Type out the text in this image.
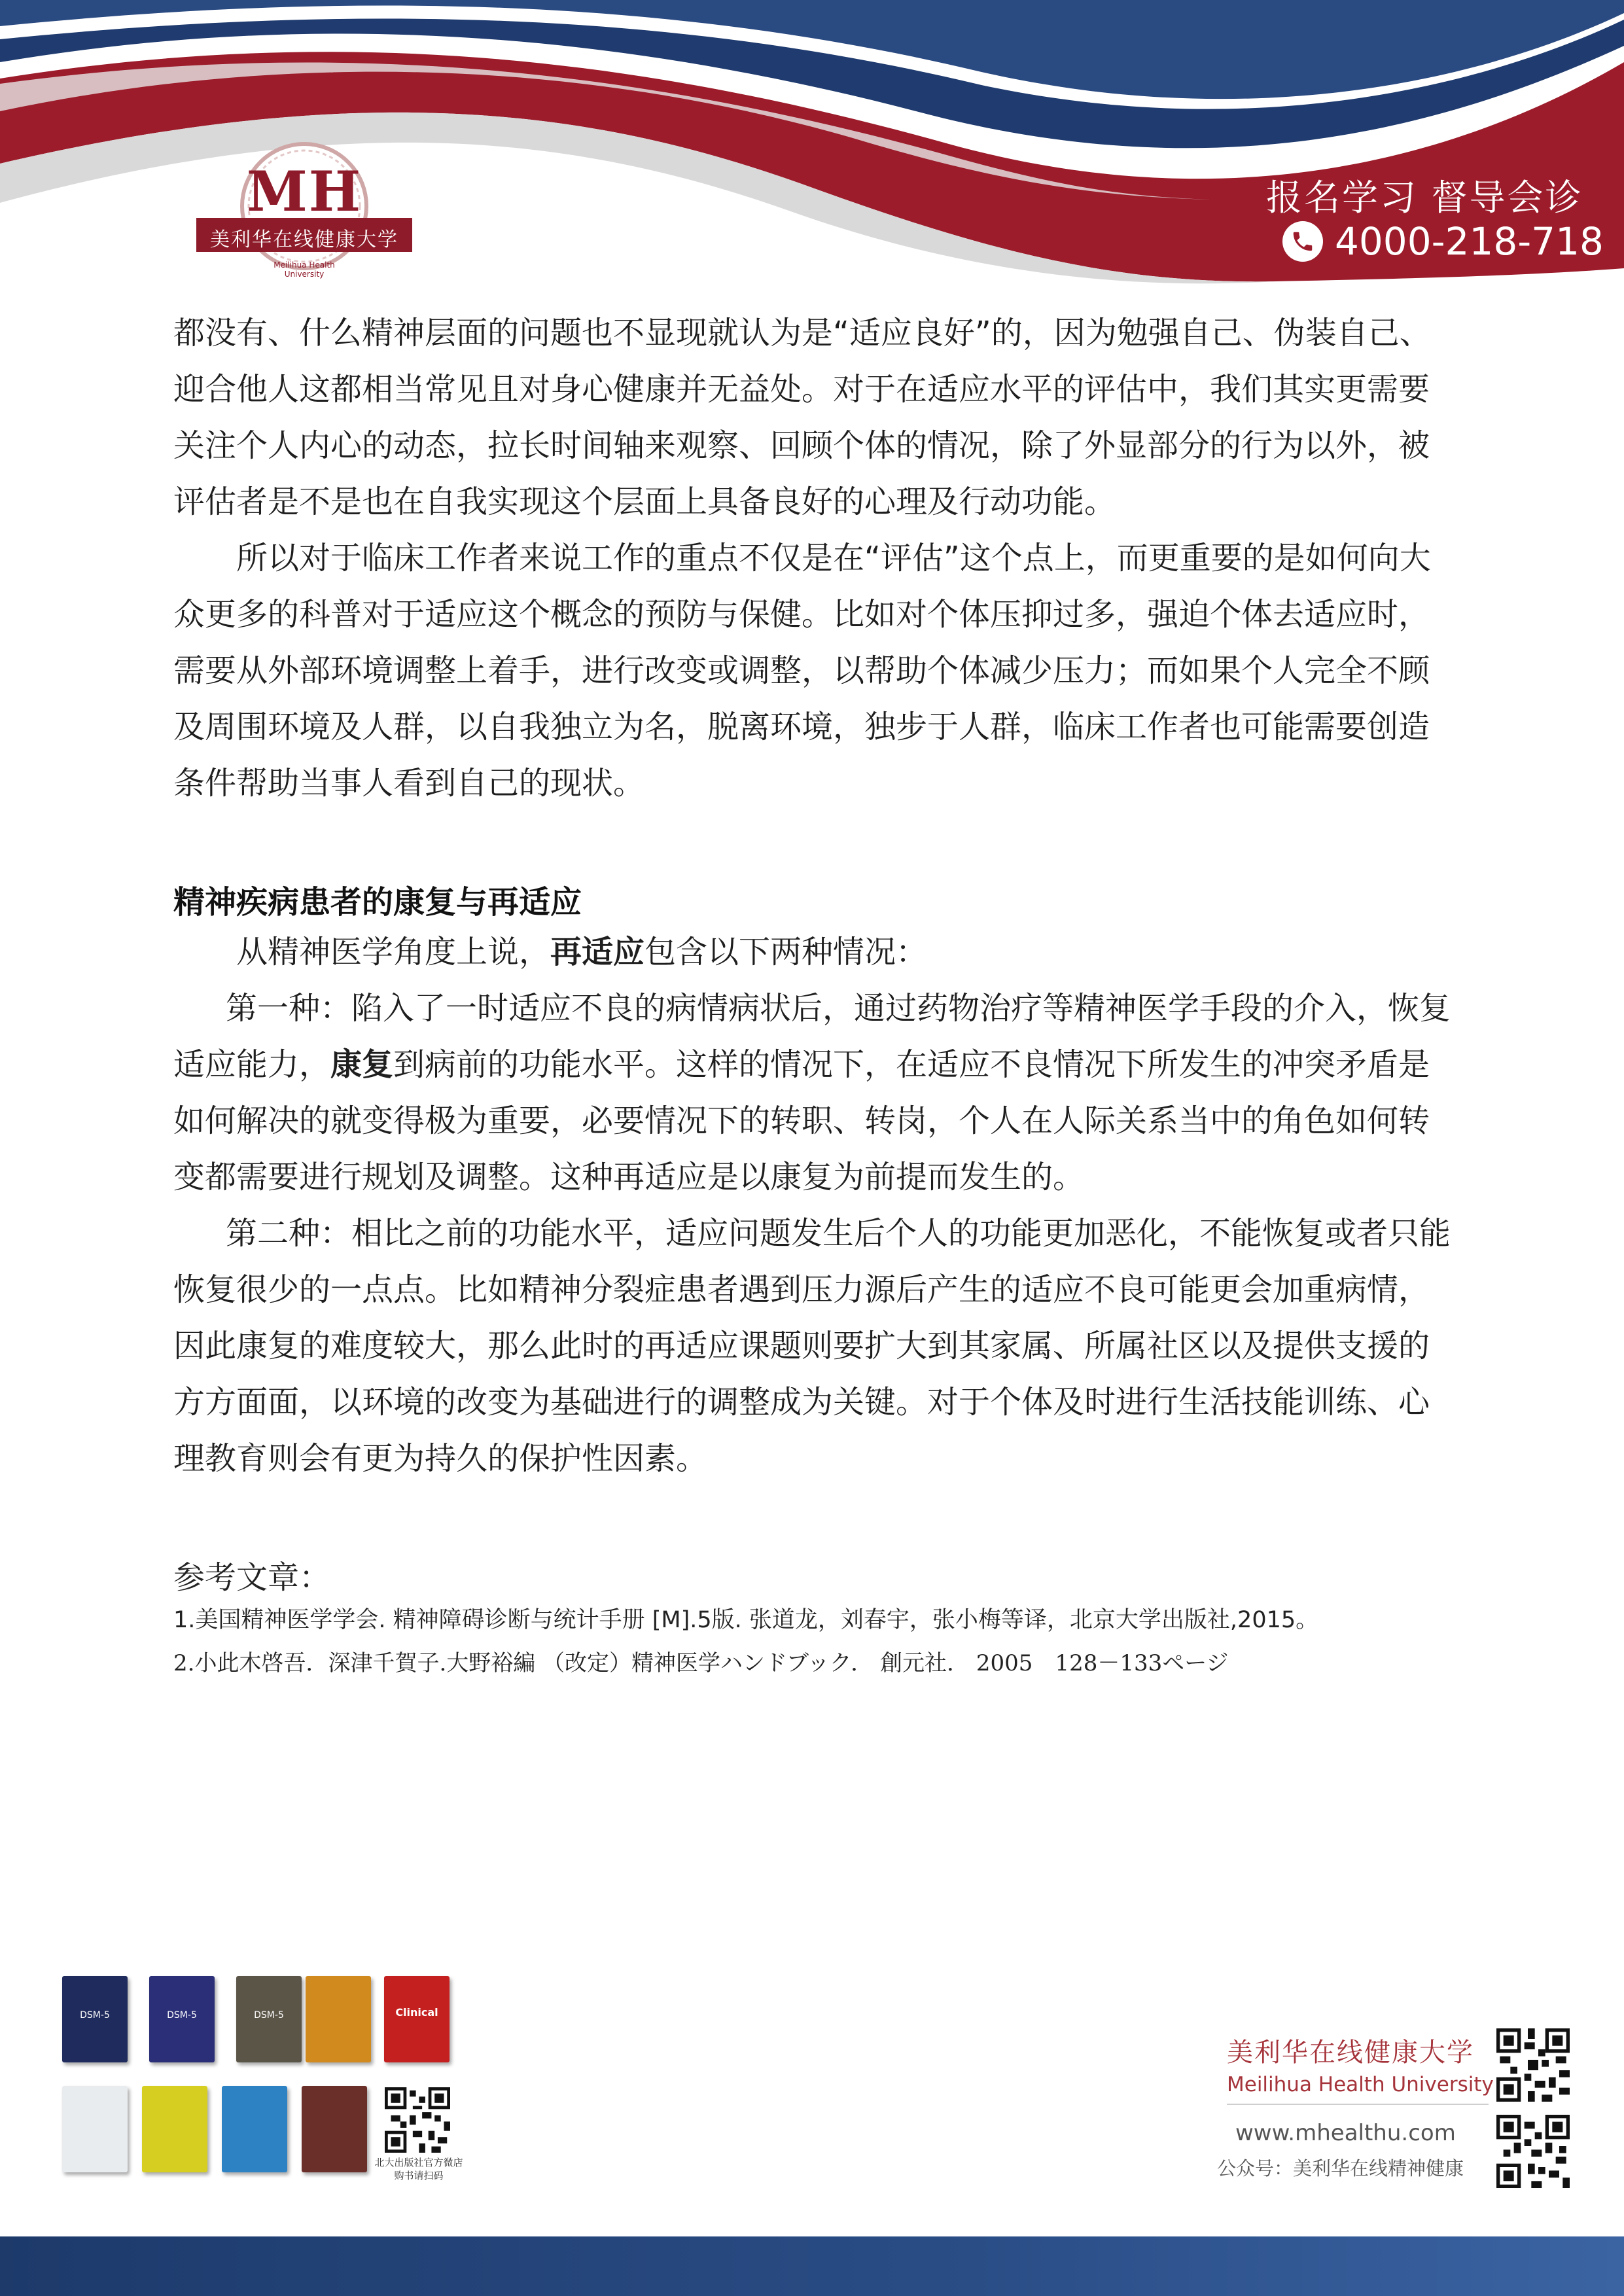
MH
美利华在线健康大学
Meilihua Health University
报名学习 督导会诊
4000-218-718

都没有、什么精神层面的问题也不显现就认为是“适应良好”的，因为勉强自己、伪装自己、迎合他人这都相当常见且对身心健康并无益处。对于在适应水平的评估中，我们其实更需要关注个人内心的动态，拉长时间轴来观察、回顾个体的情况，除了外显部分的行为以外，被评估者是不是也在自我实现这个层面上具备良好的心理及行动功能。

所以对于临床工作者来说工作的重点不仅是在“评估”这个点上，而更重要的是如何向大众更多的科普对于适应这个概念的预防与保健。比如对个体压抑过多，强迫个体去适应时，需要从外部环境调整上着手，进行改变或调整，以帮助个体减少压力；而如果个人完全不顾及周围环境及人群，以自我独立为名，脱离环境，独步于人群，临床工作者也可能需要创造条件帮助当事人看到自己的现状。

精神疾病患者的康复与再适应

从精神医学角度上说，再适应包含以下两种情况：

第一种：陷入了一时适应不良的病情病状后，通过药物治疗等精神医学手段的介入，恢复适应能力，康复到病前的功能水平。这样的情况下，在适应不良情况下所发生的冲突矛盾是如何解决的就变得极为重要，必要情况下的转职、转岗，个人在人际关系当中的角色如何转变都需要进行规划及调整。这种再适应是以康复为前提而发生的。

第二种：相比之前的功能水平，适应问题发生后个人的功能更加恶化，不能恢复或者只能恢复很少的一点点。比如精神分裂症患者遇到压力源后产生的适应不良可能更会加重病情，因此康复的难度较大，那么此时的再适应课题则要扩大到其家属、所属社区以及提供支援的方方面面，以环境的改变为基础进行的调整成为关键。对于个体及时进行生活技能训练、心理教育则会有更为持久的保护性因素。

参考文章：
1.美国精神医学学会. 精神障碍诊断与统计手册 [M].5版. 张道龙，刘春宇，张小梅等译，北京大学出版社,2015。
2.小此木啓吾．深津千賀子.大野裕編 （改定）精神医学ハンドブック． 創元社． 2005　128－133ページ
DSM-5	DSM-5	DSM-5	Clinical
北大出版社官方微店
购书请扫码
美利华在线健康大学
Meilihua Health University
www.mhealthu.com
公众号：美利华在线精神健康
